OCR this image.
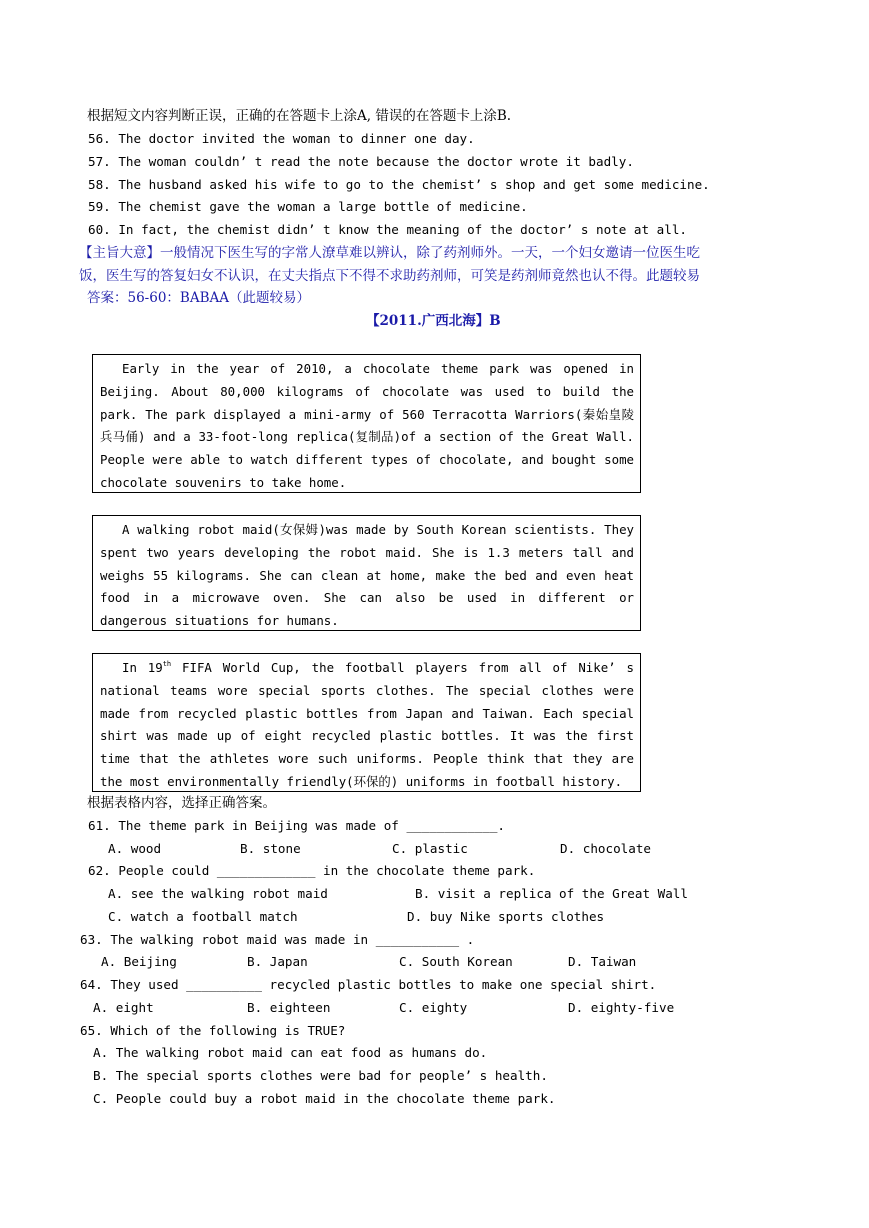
根据短文内容判断正误，正确的在答题卡上涂A, 错误的在答题卡上涂B.
56. The doctor invited the woman to dinner one day.
57. The woman couldn’ t read the note because the doctor wrote it badly.
58. The husband asked his wife to go to the chemist’ s shop and get some medicine.
59. The chemist gave the woman a large bottle of medicine.
60. In fact, the chemist didn’ t know the meaning of the doctor’ s note at all.
【主旨大意】一般情况下医生写的字常人潦草难以辨认，除了药剂师外。一天，一个妇女邀请一位医生吃
饭，医生写的答复妇女不认识，在丈夫指点下不得不求助药剂师，可笑是药剂师竟然也认不得。此题较易
答案：56-60：BABAA（此题较易）
【2011.广西北海】B

Early in the year of 2010, a chocolate theme park was opened in Beijing. About 80,000 kilograms of chocolate was used to build the park. The park displayed a mini-army of 560 Terracotta Warriors(秦始皇陵兵马俑) and a 33-foot-long replica(复制品)of a section of the Great Wall. People were able to watch different types of chocolate, and bought some chocolate souvenirs to take home.

A walking robot maid(女保姆)was made by South Korean scientists. They spent two years developing the robot maid. She is 1.3 meters tall and weighs 55 kilograms. She can clean at home, make the bed and even heat food in a microwave oven. She can also be used in different or dangerous situations for humans.

In 19th FIFA World Cup, the football players from all of Nike’ s national teams wore special sports clothes. The special clothes were made from recycled plastic bottles from Japan and Taiwan. Each special shirt was made up of eight recycled plastic bottles. It was the first time that the athletes wore such uniforms. People think that they are the most environmentally friendly(环保的) uniforms in football history.

根据表格内容，选择正确答案。
61. The theme park in Beijing was made of ____________.
A. wood	B. stone	C. plastic	D. chocolate
62. People could _____________ in the chocolate theme park.
A. see the walking robot maid	B. visit a replica of the Great Wall
C. watch a football match	D. buy Nike sports clothes
63. The walking robot maid was made in ___________ .
A. Beijing	B. Japan	C. South Korean	D. Taiwan
64. They used __________ recycled plastic bottles to make one special shirt.
A. eight	B. eighteen	C. eighty	D. eighty-five
65. Which of the following is TRUE?
A. The walking robot maid can eat food as humans do.
B. The special sports clothes were bad for people’ s health.
C. People could buy a robot maid in the chocolate theme park.
